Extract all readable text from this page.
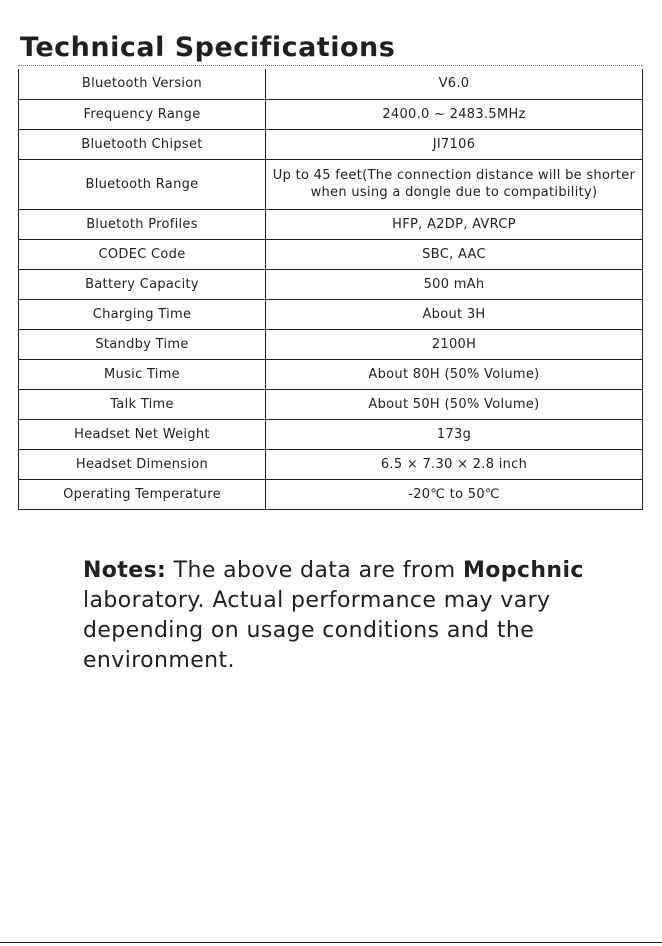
Technical Specifications
Bluetooth Version	V6.0
Frequency Range	2400.0 ~ 2483.5MHz
Bluetooth Chipset	JI7106
Bluetooth Range	Up to 45 feet(The connection distance will be shorter when using a dongle due to compatibility)
Bluetoth Profiles	HFP, A2DP, AVRCP
CODEC Code	SBC, AAC
Battery Capacity	500 mAh
Charging Time	About 3H
Standby Time	2100H
Music Time	About 80H (50% Volume)
Talk Time	About 50H (50% Volume)
Headset Net Weight	173g
Headset Dimension	6.5 × 7.30 × 2.8 inch
Operating Temperature	-20℃ to 50℃

Notes: The above data are from Mopchnic laboratory. Actual performance may vary depending on usage conditions and the environment.
